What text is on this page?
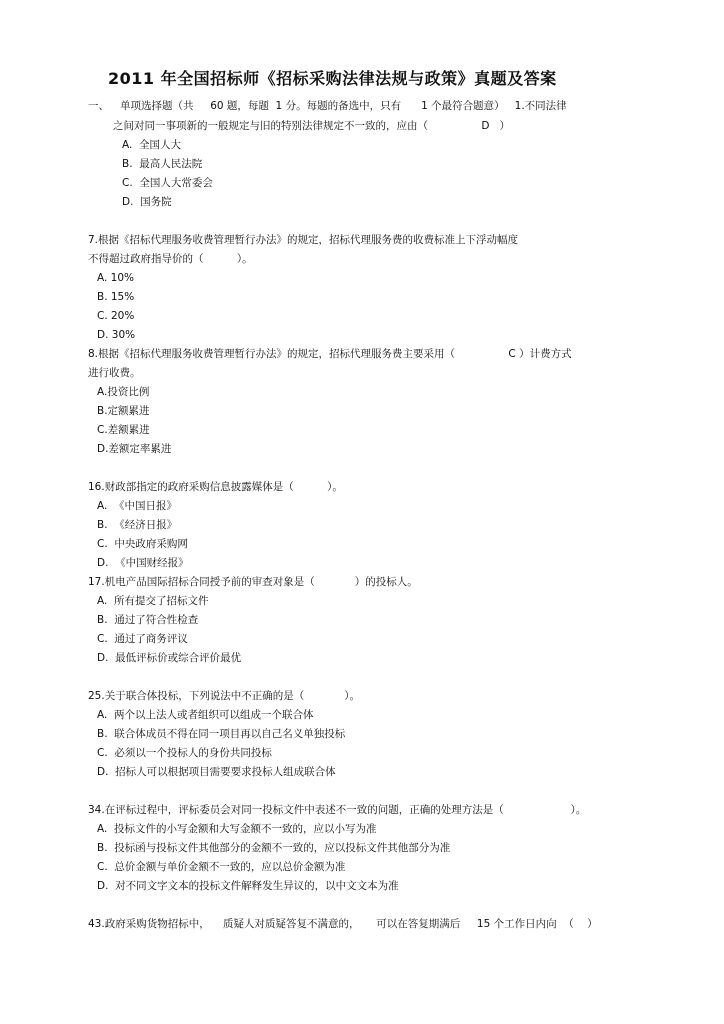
2011 年全国招标师《招标采购法律法规与政策》真题及答案
一、 单项选择题（共     60 题，每题  1 分。每题的备选中，只有      1 个最符合题意）   1.不同法律
之间对同一事项新的一般规定与旧的特别法律规定不一致的，应由（                D   ）
A.  全国人大
B.  最高人民法院
C.  全国人大常委会
D.  国务院
7.根据《招标代理服务收费管理暂行办法》的规定，招标代理服务费的收费标准上下浮动幅度
不得超过政府指导价的（          ）。
A. 10%
B. 15%
C. 20%
D. 30%
8.根据《招标代理服务收费管理暂行办法》的规定，招标代理服务费主要采用（                C ）计费方式
进行收费。
A.投资比例
B.定额累进
C.差额累进
D.差额定率累进
16.财政部指定的政府采购信息披露媒体是（          ）。
A.  《中国日报》
B.  《经济日报》
C.  中央政府采购网
D.  《中国财经报》
17.机电产品国际招标合同授予前的审查对象是（            ）的投标人。
A.  所有提交了招标文件
B.  通过了符合性检查
C.  通过了商务评议
D.  最低评标价或综合评价最优
25.关于联合体投标，下列说法中不正确的是（            ）。
A.  两个以上法人或者组织可以组成一个联合体
B.  联合体成员不得在同一项目再以自己名义单独投标
C.  必须以一个投标人的身份共同投标
D.  招标人可以根据项目需要要求投标人组成联合体
34.在评标过程中，评标委员会对同一投标文件中表述不一致的问题，正确的处理方法是（                    ）。
A.  投标文件的小写金额和大写金额不一致的，应以小写为准
B.  投标函与投标文件其他部分的金额不一致的，应以投标文件其他部分为准
C.  总价金额与单价金额不一致的，应以总价金额为准
D.  对不同文字文本的投标文件解释发生异议的，以中文文本为准
43.政府采购货物招标中，    质疑人对质疑答复不满意的，     可以在答复期满后     15 个工作日内向  （    ）
